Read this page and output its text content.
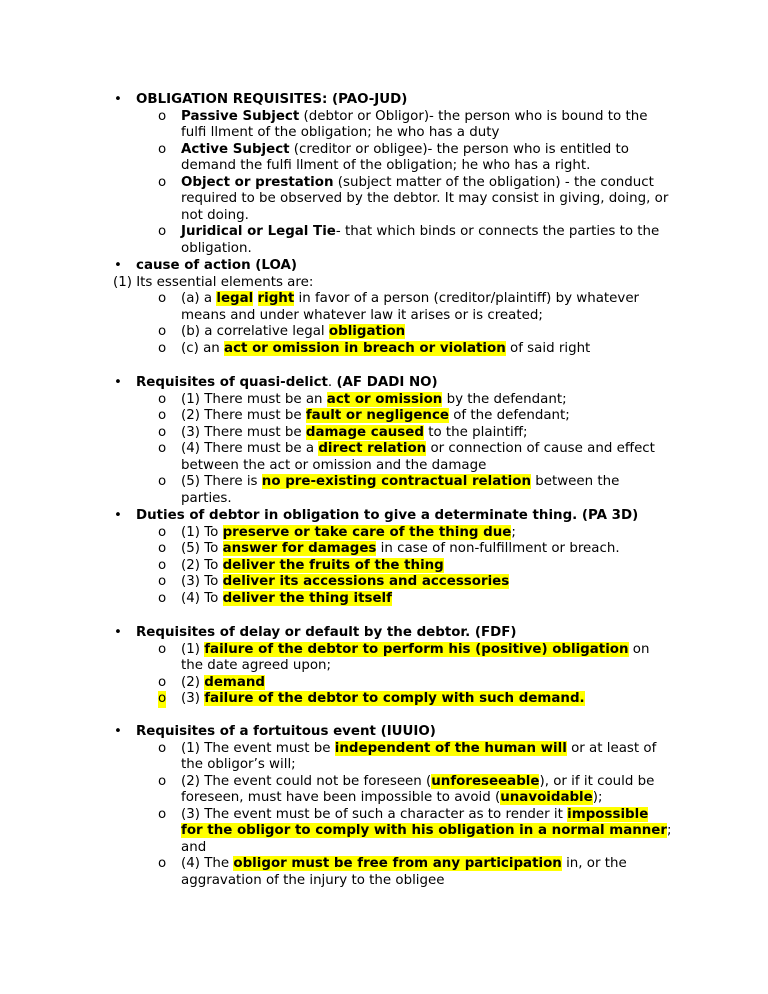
• OBLIGATION REQUISITES: (PAO-JUD)
o Passive Subject (debtor or Obligor)- the person who is bound to the fulfi llment of the obligation; he who has a duty
o Active Subject (creditor or obligee)- the person who is entitled to demand the fulfi llment of the obligation; he who has a right.
o Object or prestation (subject matter of the obligation) - the conduct required to be observed by the debtor. It may consist in giving, doing, or not doing.
o Juridical or Legal Tie- that which binds or connects the parties to the obligation.
• cause of action (LOA)
(1) Its essential elements are:
o (a) a legal right in favor of a person (creditor/plaintiff) by whatever means and under whatever law it arises or is created;
o (b) a correlative legal obligation
o (c) an act or omission in breach or violation of said right
• Requisites of quasi-delict. (AF DADI NO)
o (1) There must be an act or omission by the defendant;
o (2) There must be fault or negligence of the defendant;
o (3) There must be damage caused to the plaintiff;
o (4) There must be a direct relation or connection of cause and effect between the act or omission and the damage
o (5) There is no pre-existing contractual relation between the parties.
• Duties of debtor in obligation to give a determinate thing. (PA 3D)
o (1) To preserve or take care of the thing due;
o (5) To answer for damages in case of non-fulfillment or breach.
o (2) To deliver the fruits of the thing
o (3) To deliver its accessions and accessories
o (4) To deliver the thing itself
• Requisites of delay or default by the debtor. (FDF)
o (1) failure of the debtor to perform his (positive) obligation on the date agreed upon;
o (2) demand
o (3) failure of the debtor to comply with such demand.
• Requisites of a fortuitous event (IUUIO)
o (1) The event must be independent of the human will or at least of the obligor’s will;
o (2) The event could not be foreseen (unforeseeable), or if it could be foreseen, must have been impossible to avoid (unavoidable);
o (3) The event must be of such a character as to render it impossible for the obligor to comply with his obligation in a normal manner; and
o (4) The obligor must be free from any participation in, or the aggravation of the injury to the obligee
